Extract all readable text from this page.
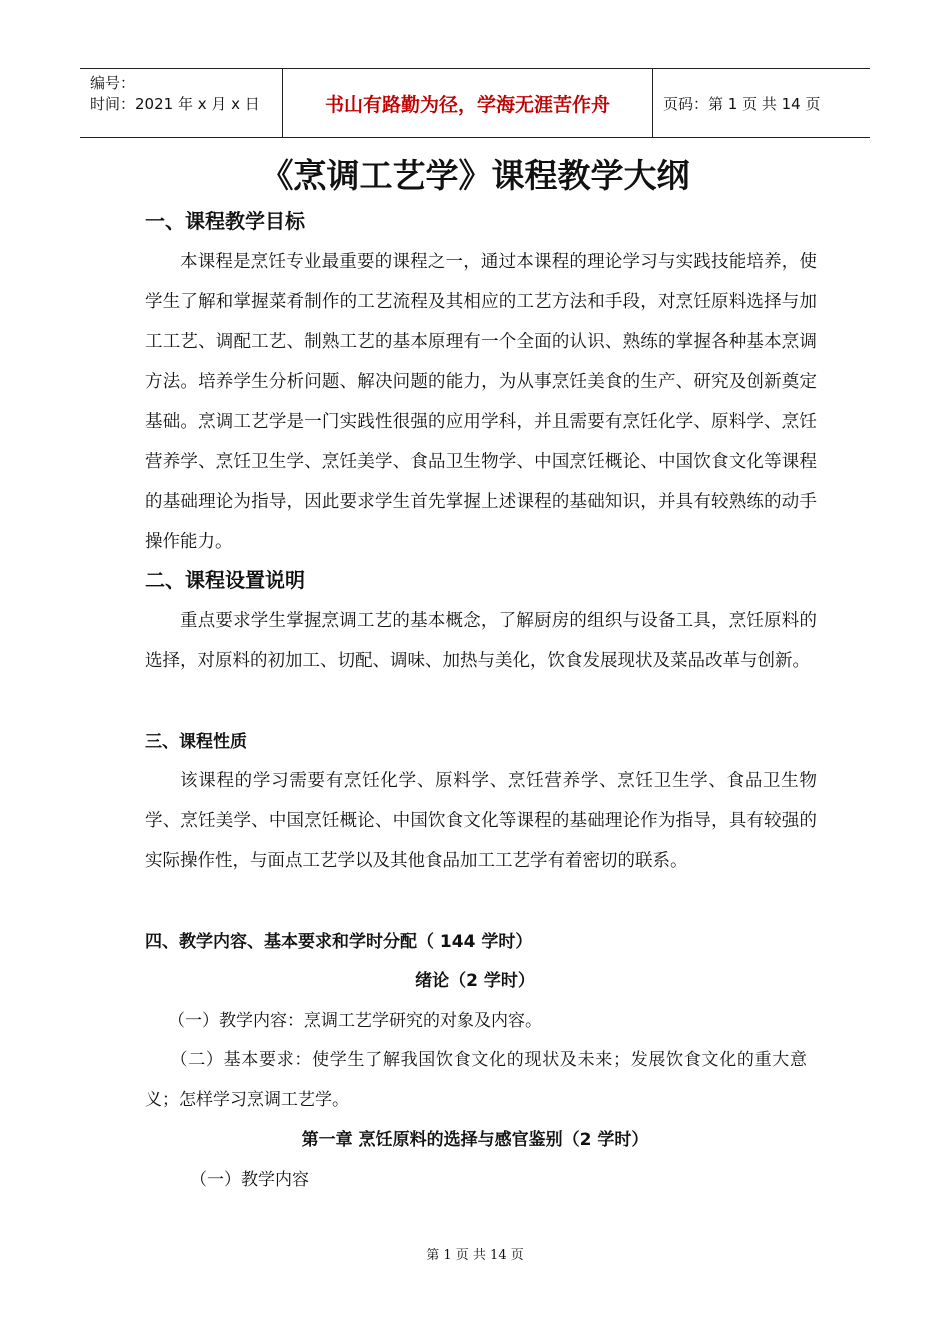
编号：
时间：2021 年 x 月 x 日	书山有路勤为径，学海无涯苦作舟	页码：第 1 页 共 14 页
《烹调工艺学》课程教学大纲
一、课程教学目标

本课程是烹饪专业最重要的课程之一，通过本课程的理论学习与实践技能培养，使学生了解和掌握菜肴制作的工艺流程及其相应的工艺方法和手段，对烹饪原料选择与加工工艺、调配工艺、制熟工艺的基本原理有一个全面的认识、熟练的掌握各种基本烹调方法。培养学生分析问题、解决问题的能力，为从事烹饪美食的生产、研究及创新奠定基础。烹调工艺学是一门实践性很强的应用学科，并且需要有烹饪化学、原料学、烹饪营养学、烹饪卫生学、烹饪美学、食品卫生物学、中国烹饪概论、中国饮食文化等课程的基础理论为指导，因此要求学生首先掌握上述课程的基础知识，并具有较熟练的动手操作能力。

二、课程设置说明

重点要求学生掌握烹调工艺的基本概念，了解厨房的组织与设备工具，烹饪原料的选择，对原料的初加工、切配、调味、加热与美化，饮食发展现状及菜品改革与创新。

三、课程性质

该课程的学习需要有烹饪化学、原料学、烹饪营养学、烹饪卫生学、食品卫生物学、烹饪美学、中国烹饪概论、中国饮食文化等课程的基础理论作为指导，具有较强的实际操作性，与面点工艺学以及其他食品加工工艺学有着密切的联系。

四、教学内容、基本要求和学时分配（ 144 学时）
绪论（2 学时）
（一）教学内容：烹调工艺学研究的对象及内容。

（二）基本要求：使学生了解我国饮食文化的现状及未来；发展饮食文化的重大意义；怎样学习烹调工艺学。

第一章 烹饪原料的选择与感官鉴别（2 学时）
（一）教学内容
第 1 页 共 14 页
